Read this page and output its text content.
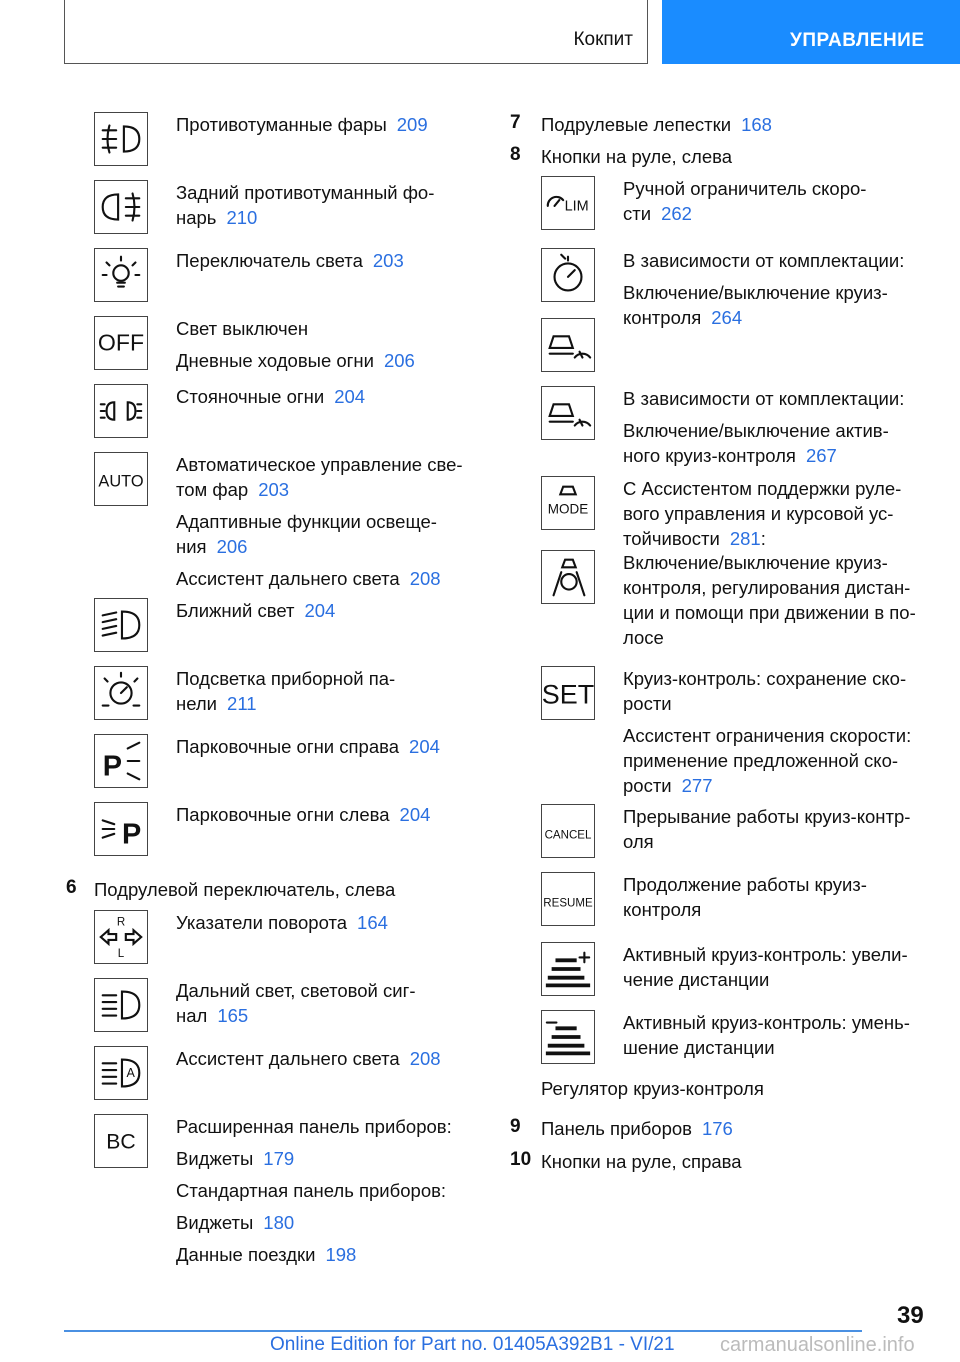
Кокпит	УПРАВЛЕНИЕ
Противотуманные фары 209
Задний противотуманный фо-
нарь 210
Переключатель света 203
OFF
Свет выключен
Дневные ходовые огни 206
Стояночные огни 204
AUTO
Автоматическое управление све-
том фар 203
Адаптивные функции освеще-
ния 206
Ассистент дальнего света 208
Ближний свет 204
Подсветка приборной па-
нели 211
P
Парковочные огни справа 204
P
Парковочные огни слева 204
6 Подрулевой переключатель, слева
R
L
Указатели поворота 164
Дальний свет, световой сиг-
нал 165
A
Ассистент дальнего света 208
BC
Расширенная панель приборов:
Виджеты 179
Стандартная панель приборов:
Виджеты 180
Данные поездки 198
7 Подрулевые лепестки 168
8 Кнопки на руле, слева
LIM
Ручной ограничитель скоро-
сти 262
В зависимости от комплектации:
Включение/выключение круиз-
контроля 264
В зависимости от комплектации:
Включение/выключение актив-
ного круиз-контроля 267
MODE
С Ассистентом поддержки руле-
вого управления и курсовой ус-
тойчивости 281:
Включение/выключение круиз-
контроля, регулирования дистан-
ции и помощи при движении в по-
лосе
SET
Круиз-контроль: сохранение ско-
рости
Ассистент ограничения скорости:
применение предложенной ско-
рости 277
CANCEL
Прерывание работы круиз-контр-
оля
RESUME
Продолжение работы круиз-
контроля
Активный круиз-контроль: увели-
чение дистанции
Активный круиз-контроль: умень-
шение дистанции
Регулятор круиз-контроля
9 Панель приборов 176
10 Кнопки на руле, справа
39
Online Edition for Part no. 01405A392B1 - VI/21 carmanualsonline.info
